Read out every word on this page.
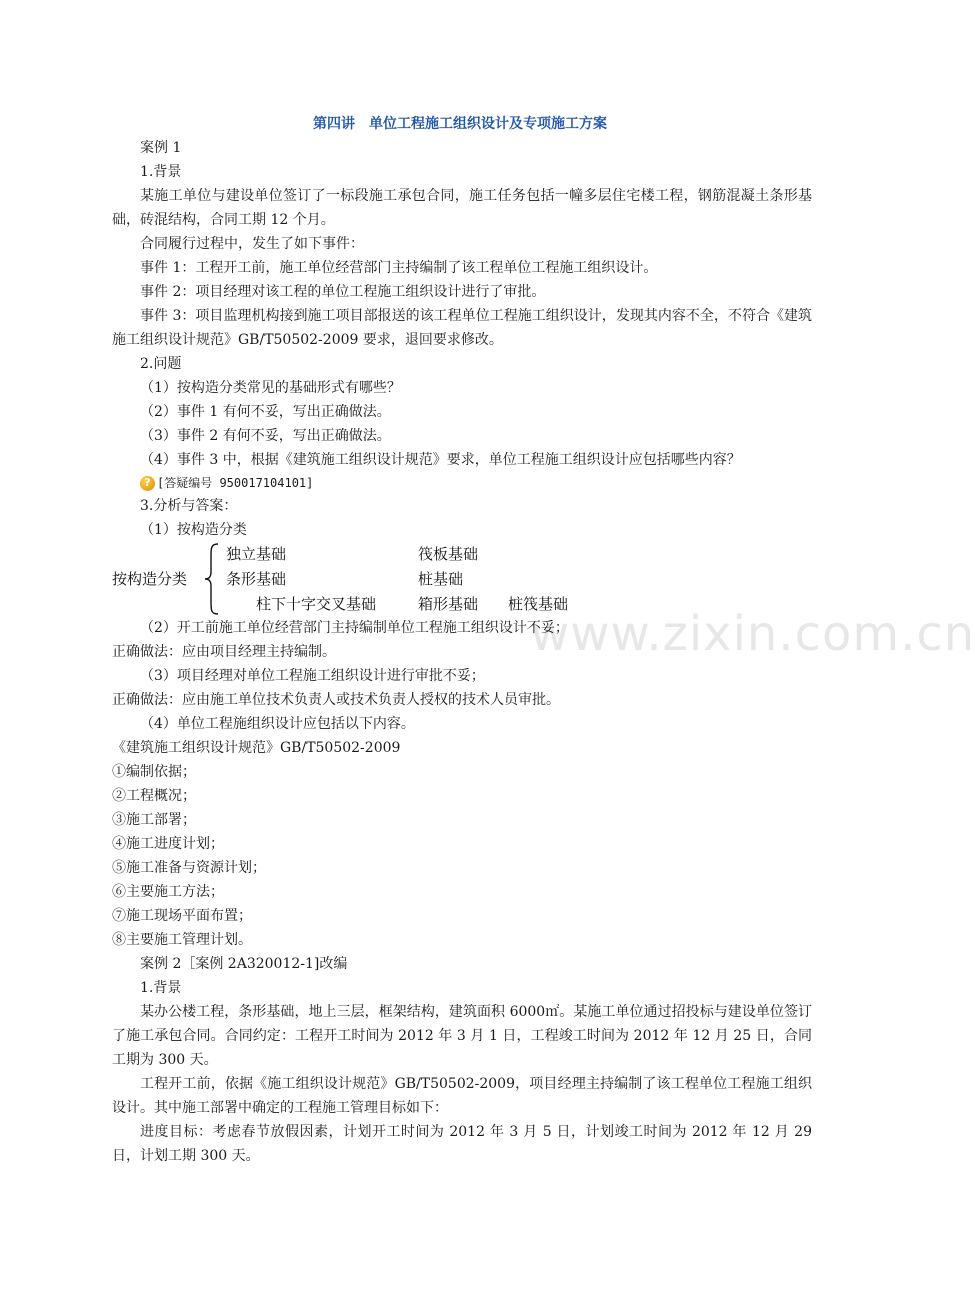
www.zixin.com.cn
第四讲　单位工程施工组织设计及专项施工方案

案例 1

1.背景

某施工单位与建设单位签订了一标段施工承包合同，施工任务包括一幢多层住宅楼工程，钢筋混凝土条形基础，砖混结构，合同工期 12 个月。

合同履行过程中，发生了如下事件：

事件 1：工程开工前，施工单位经营部门主持编制了该工程单位工程施工组织设计。

事件 2：项目经理对该工程的单位工程施工组织设计进行了审批。

事件 3：项目监理机构接到施工项目部报送的该工程单位工程施工组织设计，发现其内容不全，不符合《建筑施工组织设计规范》GB/T50502-2009 要求，退回要求修改。

2.问题

（1）按构造分类常见的基础形式有哪些？

（2）事件 1 有何不妥，写出正确做法。

（3）事件 2 有何不妥，写出正确做法。

（4）事件 3 中，根据《建筑施工组织设计规范》要求，单位工程施工组织设计应包括哪些内容？

? [答疑编号 950017104101]

3.分析与答案：

（1）按构造分类

按构造分类
独立基础	筏板基础
条形基础	桩基础
柱下十字交叉基础	箱形基础 桩筏基础

（2）开工前施工单位经营部门主持编制单位工程施工组织设计不妥；

正确做法：应由项目经理主持编制。

（3）项目经理对单位工程施工组织设计进行审批不妥；

正确做法：应由施工单位技术负责人或技术负责人授权的技术人员审批。

（4）单位工程施组织设计应包括以下内容。

《建筑施工组织设计规范》GB/T50502-2009

①编制依据；

②工程概况；

③施工部署；

④施工进度计划；

⑤施工准备与资源计划；

⑥主要施工方法；

⑦施工现场平面布置；

⑧主要施工管理计划。

案例 2［案例 2A320012-1]改编

1.背景

某办公楼工程，条形基础，地上三层，框架结构，建筑面积 6000㎡。某施工单位通过招投标与建设单位签订了施工承包合同。合同约定：工程开工时间为 2012 年 3 月 1 日，工程竣工时间为 2012 年 12 月 25 日，合同工期为 300 天。

工程开工前，依据《施工组织设计规范》GB/T50502-2009，项目经理主持编制了该工程单位工程施工组织设计。其中施工部署中确定的工程施工管理目标如下：

进度目标：考虑春节放假因素，计划开工时间为 2012 年 3 月 5 日，计划竣工时间为 2012 年 12 月 29 日，计划工期 300 天。
